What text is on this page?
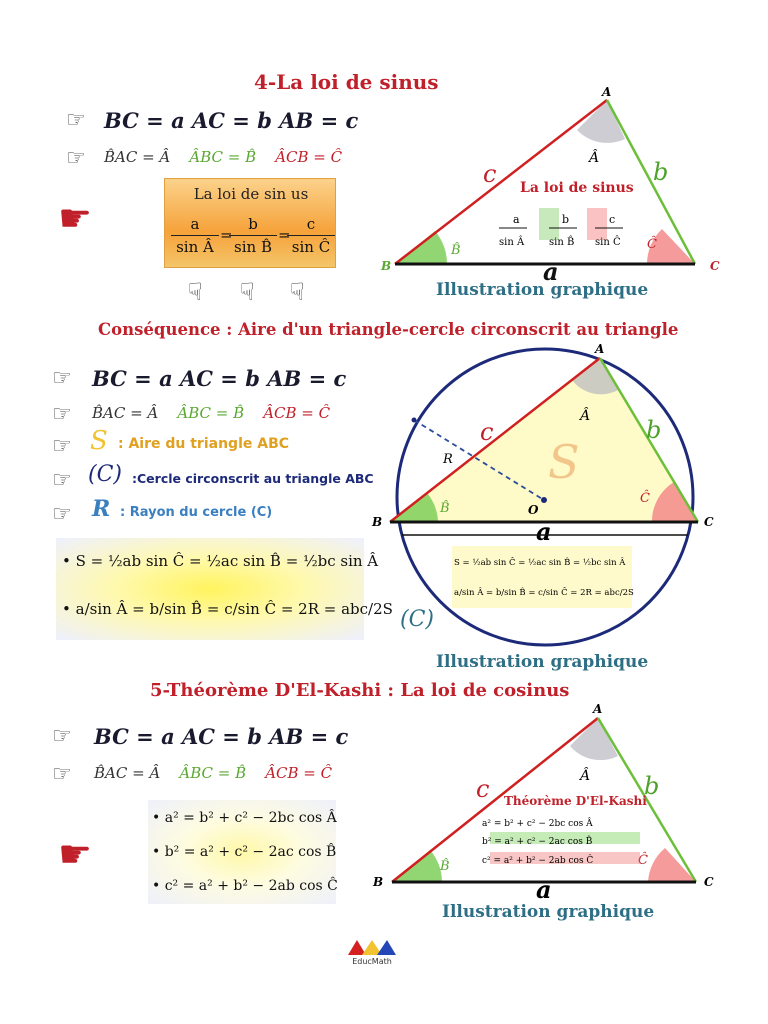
4-La loi de sinus
☞ BC = a AC = b AB = c
☞ B̂AC = Â ÂBC = B̂ ÂCB = Ĉ
☛
La loi de sin us
a
sin Â
=
b
sin B̂
=
c
sin Ĉ
☟ ☟ ☟
A
B	C
c	b
a
Â
B̂	Ĉ
La loi de sinus
a
sin Â
b
sin B̂
c
sin Ĉ
Illustration graphique
Conséquence : Aire d'un triangle-cercle circonscrit au triangle
☞ BC = a AC = b AB = c
☞ B̂AC = Â ÂBC = B̂ ÂCB = Ĉ
☞ S : Aire du triangle ABC
☞ (C) :Cercle circonscrit au triangle ABC
☞ R : Rayon du cercle (C)
• S = ½ab sin Ĉ = ½ac sin B̂ = ½bc sin Â
• a/sin Â = b/sin B̂ = c/sin Ĉ = 2R = abc/2S
A
B	C
O
R
c	b
a
S
Â
B̂
Ĉ
S = ½ab sin Ĉ = ½ac sin B̂ = ½bc sin Â
a/sin Â = b/sin B̂ = c/sin Ĉ = 2R = abc/2S
(C)
Illustration graphique
5-Théorème D'El-Kashi : La loi de cosinus
☞ BC = a AC = b AB = c
☞ B̂AC = Â ÂBC = B̂ ÂCB = Ĉ
☛
• a² = b² + c² − 2bc cos Â
• b² = a² + c² − 2ac cos B̂
• c² = a² + b² − 2ab cos Ĉ
A
B	C
c	b
a
Â
B̂	Ĉ
Théorème D'El-Kashi
a² = b² + c² − 2bc cos Â
b² = a² + c² − 2ac cos B̂
c² = a² + b² − 2ab cos Ĉ
Illustration graphique
EducMath
